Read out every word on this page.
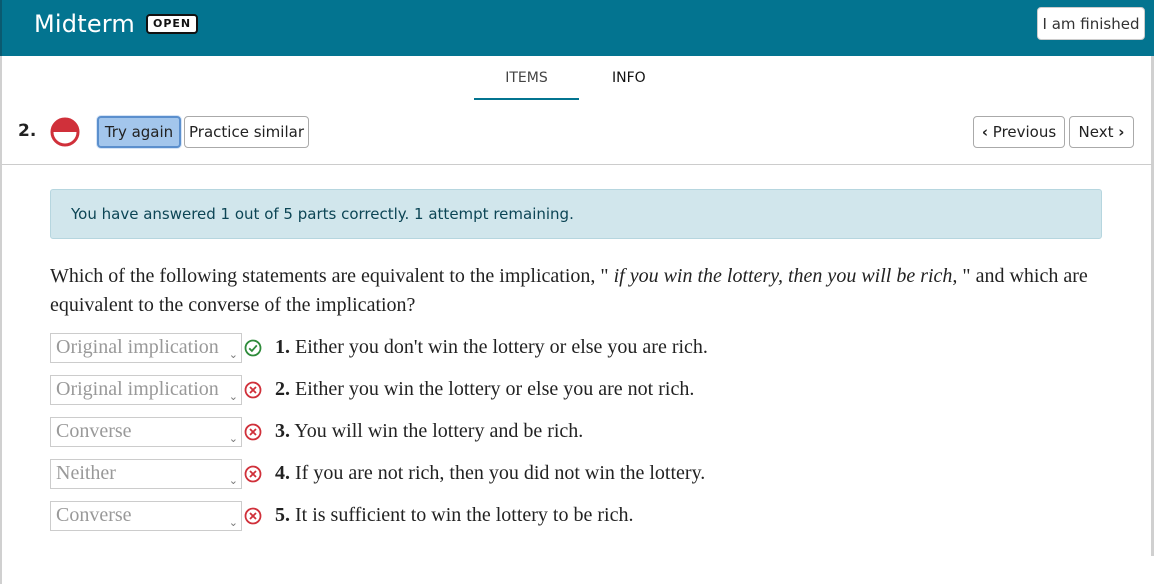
Midterm	OPEN	I am finished
ITEMS	INFO
2.	Try again	Practice similar	‹ Previous	Next ›
You have answered 1 out of 5 parts correctly. 1 attempt remaining.

Which of the following statements are equivalent to the implication, " if you win the lottery, then you will be rich, " and which are equivalent to the converse of the implication?

Original implication ⌄ 1. Either you don't win the lottery or else you are rich.
Original implication ⌄ 2. Either you win the lottery or else you are not rich.
Converse	⌄ 3. You will win the lottery and be rich.
Neither	⌄ 4. If you are not rich, then you did not win the lottery.
Converse	⌄ 5. It is sufficient to win the lottery to be rich.
